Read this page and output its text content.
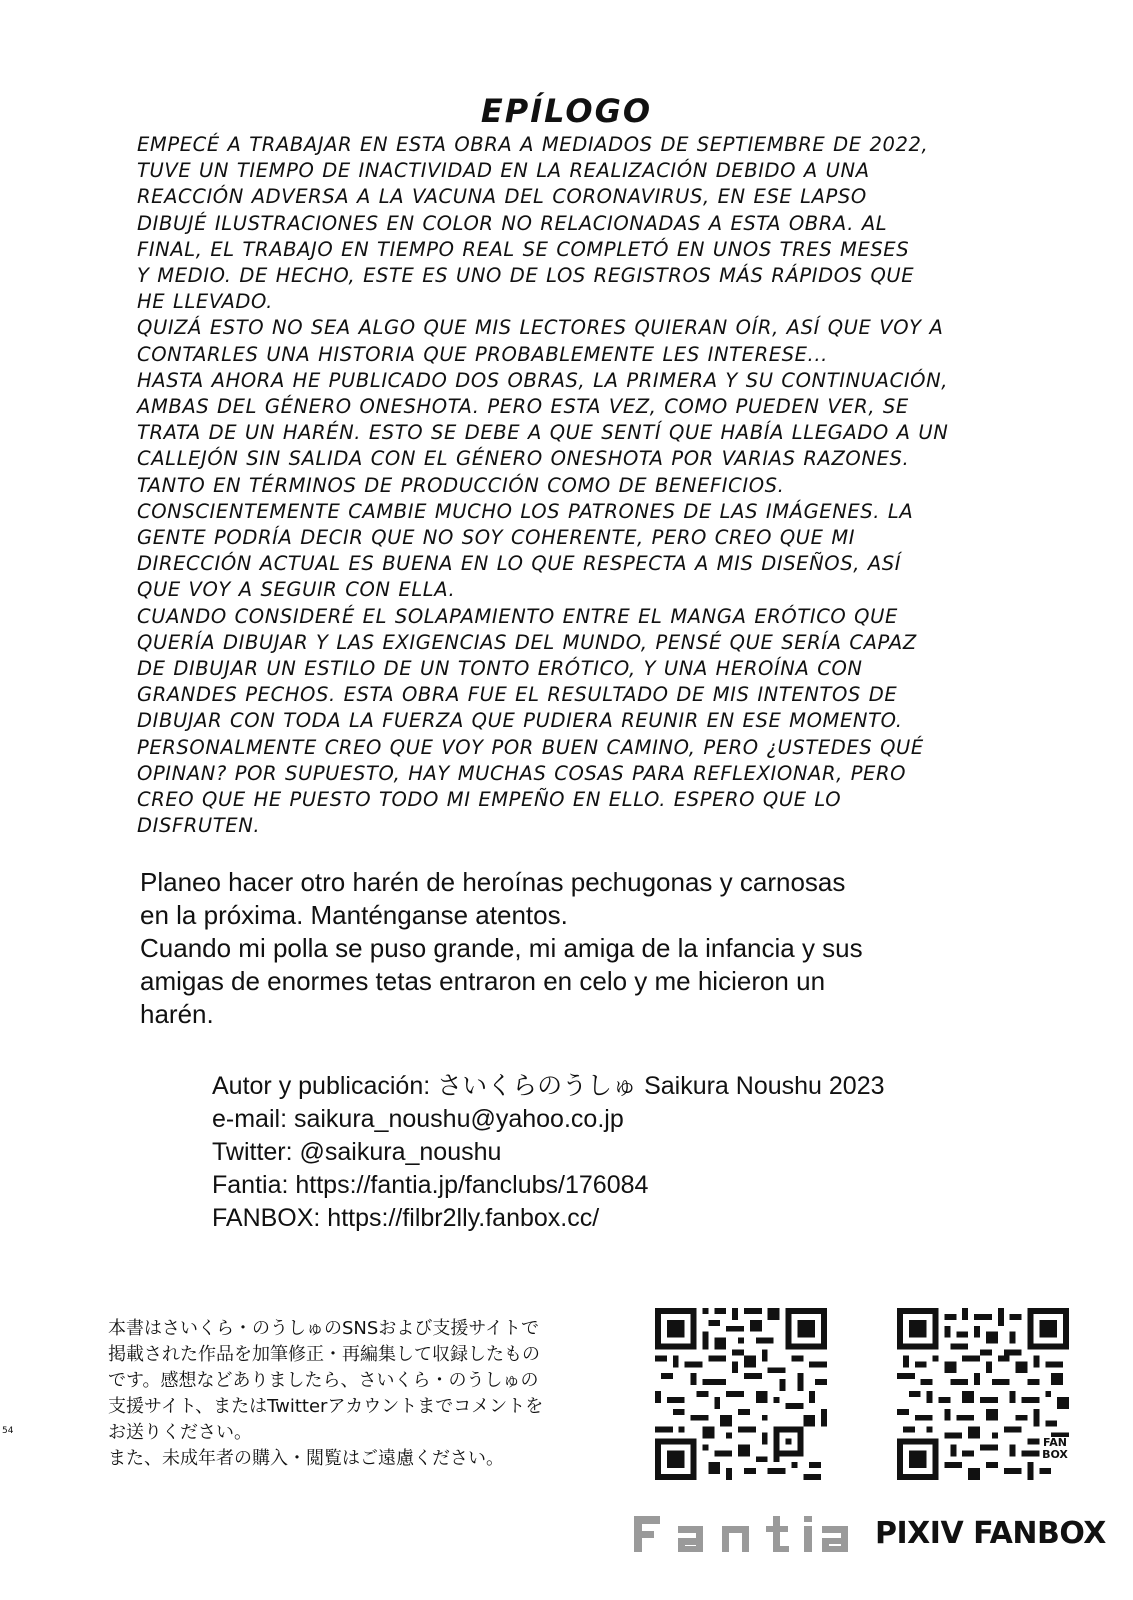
EPÍLOGO

EMPECÉ A TRABAJAR EN ESTA OBRA A MEDIADOS DE SEPTIEMBRE DE 2022,

TUVE UN TIEMPO DE INACTIVIDAD EN LA REALIZACIÓN DEBIDO A UNA

REACCIÓN ADVERSA A LA VACUNA DEL CORONAVIRUS, EN ESE LAPSO

DIBUJÉ ILUSTRACIONES EN COLOR NO RELACIONADAS A ESTA OBRA. AL

FINAL, EL TRABAJO EN TIEMPO REAL SE COMPLETÓ EN UNOS TRES MESES

Y MEDIO. DE HECHO, ESTE ES UNO DE LOS REGISTROS MÁS RÁPIDOS QUE

HE LLEVADO.

QUIZÁ ESTO NO SEA ALGO QUE MIS LECTORES QUIERAN OÍR, ASÍ QUE VOY A

CONTARLES UNA HISTORIA QUE PROBABLEMENTE LES INTERESE...

HASTA AHORA HE PUBLICADO DOS OBRAS, LA PRIMERA Y SU CONTINUACIÓN,

AMBAS DEL GÉNERO ONESHOTA. PERO ESTA VEZ, COMO PUEDEN VER, SE

TRATA DE UN HARÉN. ESTO SE DEBE A QUE SENTÍ QUE HABÍA LLEGADO A UN

CALLEJÓN SIN SALIDA CON EL GÉNERO ONESHOTA POR VARIAS RAZONES.

TANTO EN TÉRMINOS DE PRODUCCIÓN COMO DE BENEFICIOS.

CONSCIENTEMENTE CAMBIE MUCHO LOS PATRONES DE LAS IMÁGENES. LA

GENTE PODRÍA DECIR QUE NO SOY COHERENTE, PERO CREO QUE MI

DIRECCIÓN ACTUAL ES BUENA EN LO QUE RESPECTA A MIS DISEÑOS, ASÍ

QUE VOY A SEGUIR CON ELLA.

CUANDO CONSIDERÉ EL SOLAPAMIENTO ENTRE EL MANGA ERÓTICO QUE

QUERÍA DIBUJAR Y LAS EXIGENCIAS DEL MUNDO, PENSÉ QUE SERÍA CAPAZ

DE DIBUJAR UN ESTILO DE UN TONTO ERÓTICO, Y UNA HEROÍNA CON

GRANDES PECHOS. ESTA OBRA FUE EL RESULTADO DE MIS INTENTOS DE

DIBUJAR CON TODA LA FUERZA QUE PUDIERA REUNIR EN ESE MOMENTO.

PERSONALMENTE CREO QUE VOY POR BUEN CAMINO, PERO ¿USTEDES QUÉ

OPINAN? POR SUPUESTO, HAY MUCHAS COSAS PARA REFLEXIONAR, PERO

CREO QUE HE PUESTO TODO MI EMPEÑO EN ELLO. ESPERO QUE LO

DISFRUTEN.

Planeo hacer otro harén de heroínas pechugonas y carnosas

en la próxima. Manténganse atentos.

Cuando mi polla se puso grande, mi amiga de la infancia y sus

amigas de enormes tetas entraron en celo y me hicieron un

harén.

Autor y publicación: さいくらのうしゅ Saikura Noushu 2023
e-mail: saikura_noushu@yahoo.co.jp
Twitter: @saikura_noushu
Fantia: https://fantia.jp/fanclubs/176084
FANBOX: https://filbr2lly.fanbox.cc/
本書はさいくら・のうしゅのSNSおよび支援サイトで
掲載された作品を加筆修正・再編集して収録したもの
です。感想などありましたら、さいくら・のうしゅの
支援サイト、またはTwitterアカウントまでコメントを
お送りください。
また、未成年者の購入・閲覧はご遠慮ください。
54
FAN BOX
PIXIV FANBOX
